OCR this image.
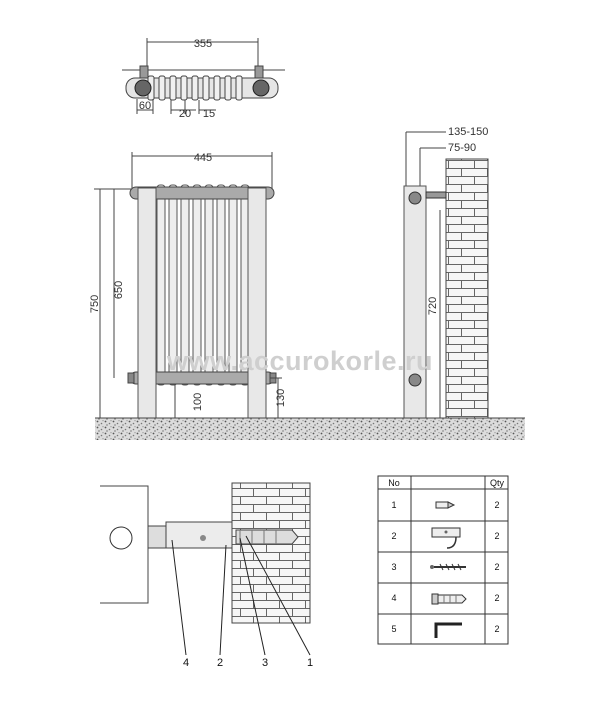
355
60
20 15
445
750
650
100	130
135-150
75-90
720
www.accurokorle.ru
4	2	3	1
No	Qty
1	2
2	2
3	2
4	2
5	2
